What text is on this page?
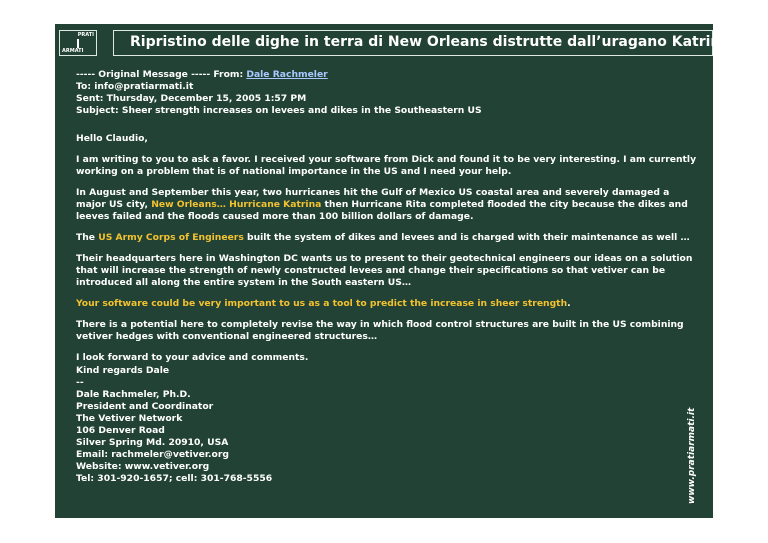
PRATI
ARMATI
Ripristino delle dighe in terra di New Orleans distrutte dall’uragano Katrina

----- Original Message ----- From: Dale Rachmeler

To: info@pratiarmati.it

Sent: Thursday, December 15, 2005 1:57 PM

Subject: Sheer strength increases on levees and dikes in the Southeastern US

Hello Claudio,

I am writing to you to ask a favor. I received your software from Dick and found it to be very interesting. I am currently working on a problem that is of national importance in the US and I need your help.

In August and September this year, two hurricanes hit the Gulf of Mexico US coastal area and severely damaged a major US city, New Orleans… Hurricane Katrina then Hurricane Rita completed flooded the city because the dikes and leeves failed and the floods caused more than 100 billion dollars of damage.

The US Army Corps of Engineers built the system of dikes and levees and is charged with their maintenance as well …

Their headquarters here in Washington DC wants us to present to their geotechnical engineers our ideas on a solution that will increase the strength of newly constructed levees and change their specifications so that vetiver can be introduced all along the entire system in the South eastern US…

Your software could be very important to us as a tool to predict the increase in sheer strength.

There is a potential here to completely revise the way in which flood control structures are built in the US combining vetiver hedges with conventional engineered structures…

I look forward to your advice and comments.

Kind regards Dale
--
Dale Rachmeler, Ph.D.
President and Coordinator
The Vetiver Network
106 Denver Road
Silver Spring Md. 20910, USA
Email: rachmeler@vetiver.org
Website: www.vetiver.org
Tel: 301-920-1657; cell: 301-768-5556	www.pratiarmati.it
